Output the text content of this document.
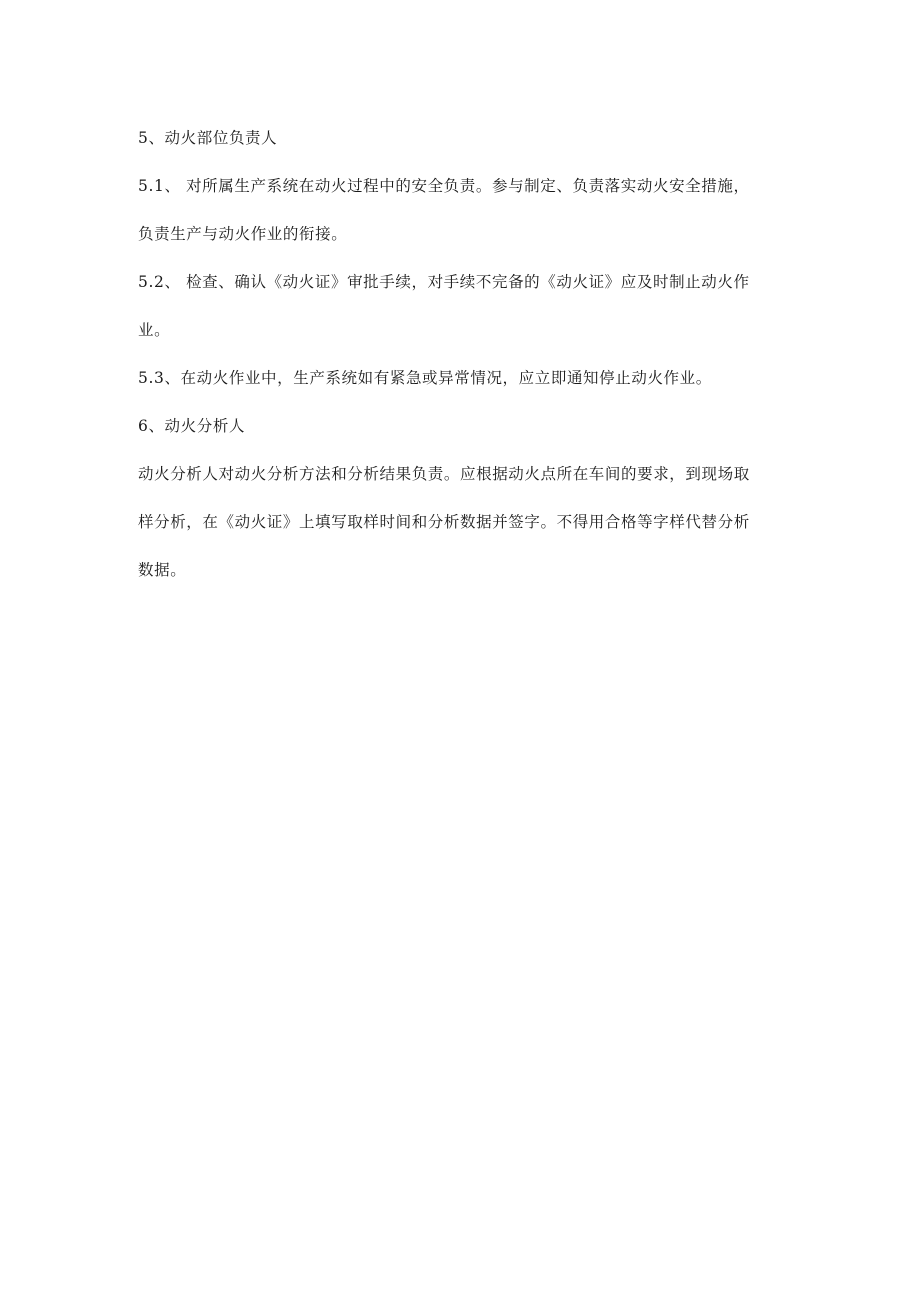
5、动火部位负责人

5.1、 对所属生产系统在动火过程中的安全负责。参与制定、负责落实动火安全措施，

负责生产与动火作业的衔接。

5.2、 检查、确认《动火证》审批手续，对手续不完备的《动火证》应及时制止动火作

业。

5.3、在动火作业中，生产系统如有紧急或异常情况，应立即通知停止动火作业。

6、动火分析人

动火分析人对动火分析方法和分析结果负责。应根据动火点所在车间的要求，到现场取

样分析，在《动火证》上填写取样时间和分析数据并签字。不得用合格等字样代替分析

数据。
